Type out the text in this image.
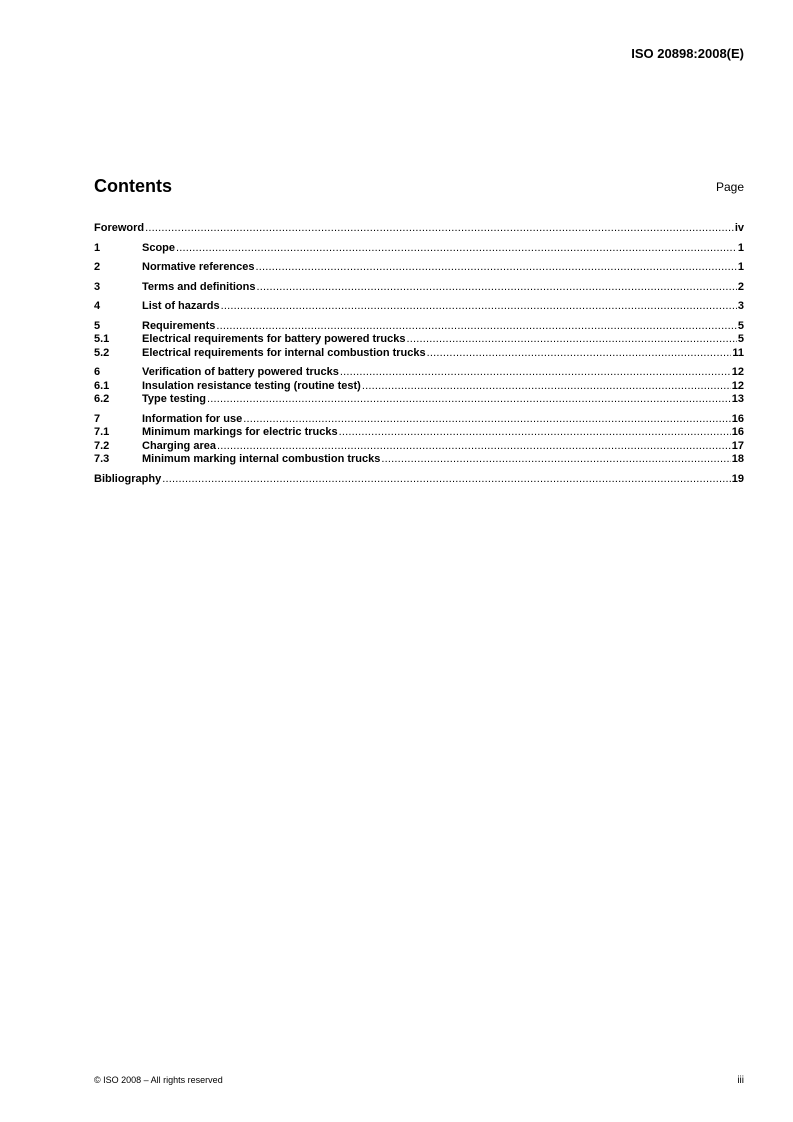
ISO 20898:2008(E)
Contents	Page
Foreword .....	iv
1	Scope .....	1
2	Normative references .....	1
3	Terms and definitions .....	2
4	List of hazards .....	3
5	Requirements .....	5
5.1	Electrical requirements for battery powered trucks .....	5
5.2	Electrical requirements for internal combustion trucks .....	11
6	Verification of battery powered trucks .....	12
6.1	Insulation resistance testing (routine test) .....	12
6.2	Type testing .....	13
7	Information for use .....	16
7.1	Minimum markings for electric trucks .....	16
7.2	Charging area .....	17
7.3	Minimum marking internal combustion trucks .....	18
Bibliography .....	19
© ISO 2008 – All rights reserved	iii
